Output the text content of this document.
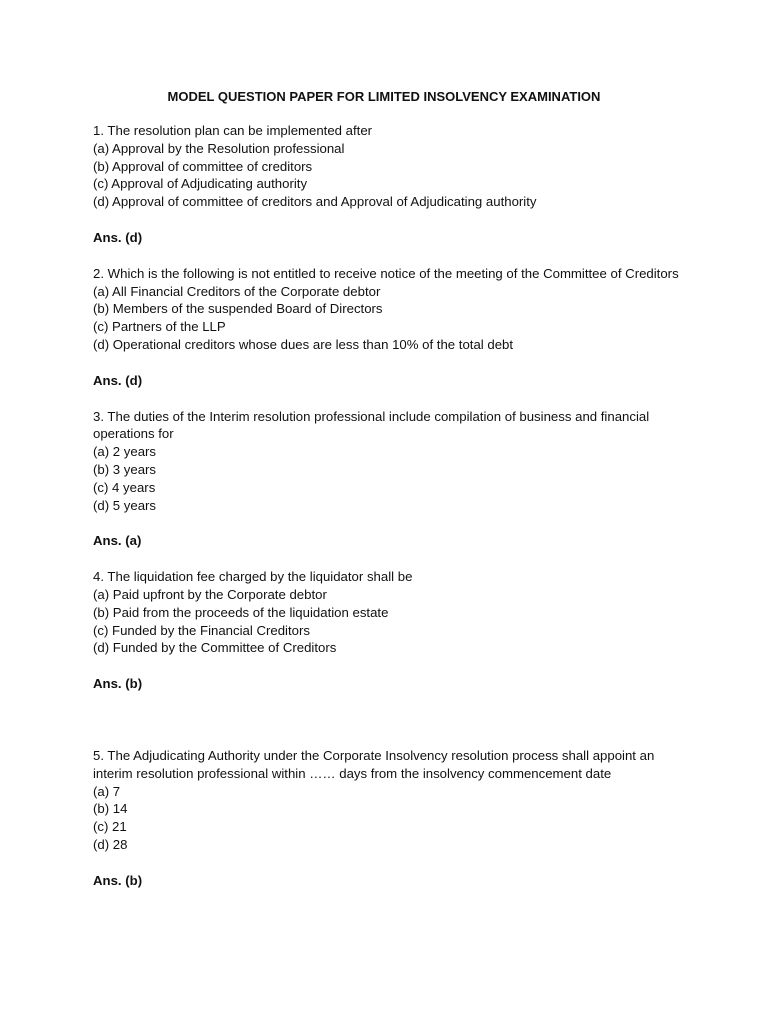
MODEL QUESTION PAPER FOR LIMITED INSOLVENCY EXAMINATION
1. The resolution plan can be implemented after
(a) Approval by the Resolution professional
(b) Approval of committee of creditors
(c) Approval of Adjudicating authority
(d) Approval of committee of creditors and Approval of Adjudicating authority
Ans. (d)
2. Which is the following is not entitled to receive notice of the meeting of the Committee of Creditors
(a) All Financial Creditors of the Corporate debtor
(b) Members of the suspended Board of Directors
(c) Partners of the LLP
(d) Operational creditors whose dues are less than 10% of the total debt
Ans. (d)
3. The duties of the Interim resolution professional include compilation of business and financial operations for
(a) 2 years
(b) 3 years
(c) 4 years
(d) 5 years
Ans. (a)
4. The liquidation fee charged by the liquidator shall be
(a) Paid upfront by the Corporate debtor
(b) Paid from the proceeds of the liquidation estate
(c) Funded by the Financial Creditors
(d) Funded by the Committee of Creditors
Ans. (b)
5. The Adjudicating Authority under the Corporate Insolvency resolution process shall appoint an interim resolution professional within …… days from the insolvency commencement date
(a) 7
(b) 14
(c) 21
(d) 28
Ans. (b)
